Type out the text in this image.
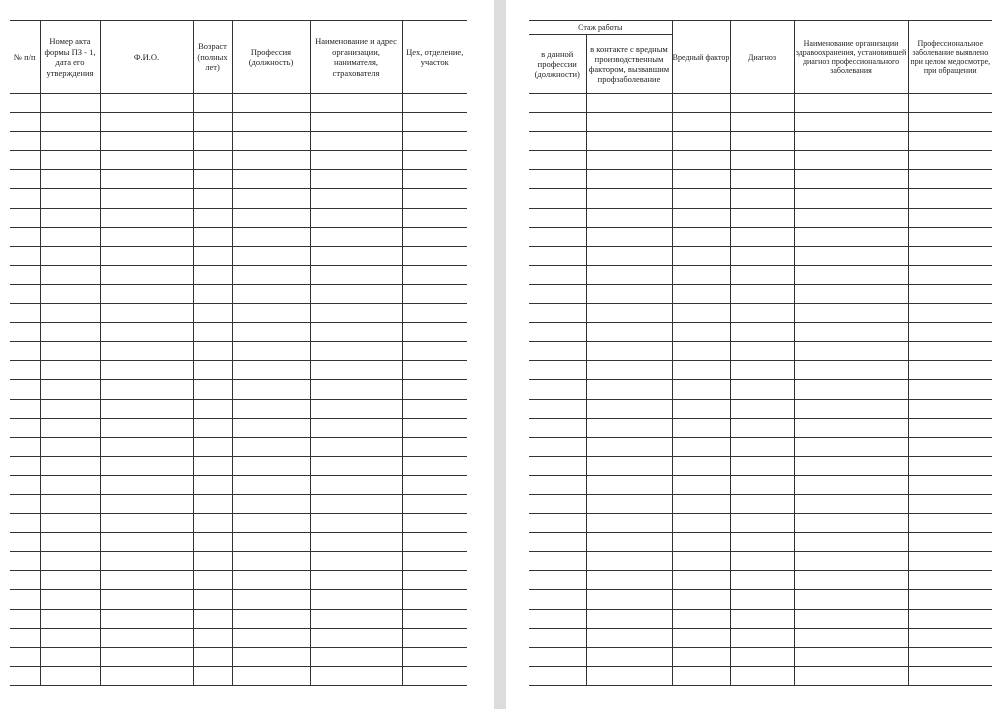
№ п/п	Номер акта формы ПЗ - 1, дата его утверждения	Ф.И.О.	Возраст (полных лет)	Профессия (должность)	Наименование и адрес организации, нанимателя, страхователя	Цех, отделение, участок

Стаж работы		Вредный фактор	Диагноз	Наименование организации здравоохранения, установившей диагноз профессионального заболевания	Профессиональное заболевание выявлено при целом медосмотре, при обращении
в данной профессии (должности)	в контакте с вредным производственным фактором, вызвавшим профзаболевание				
